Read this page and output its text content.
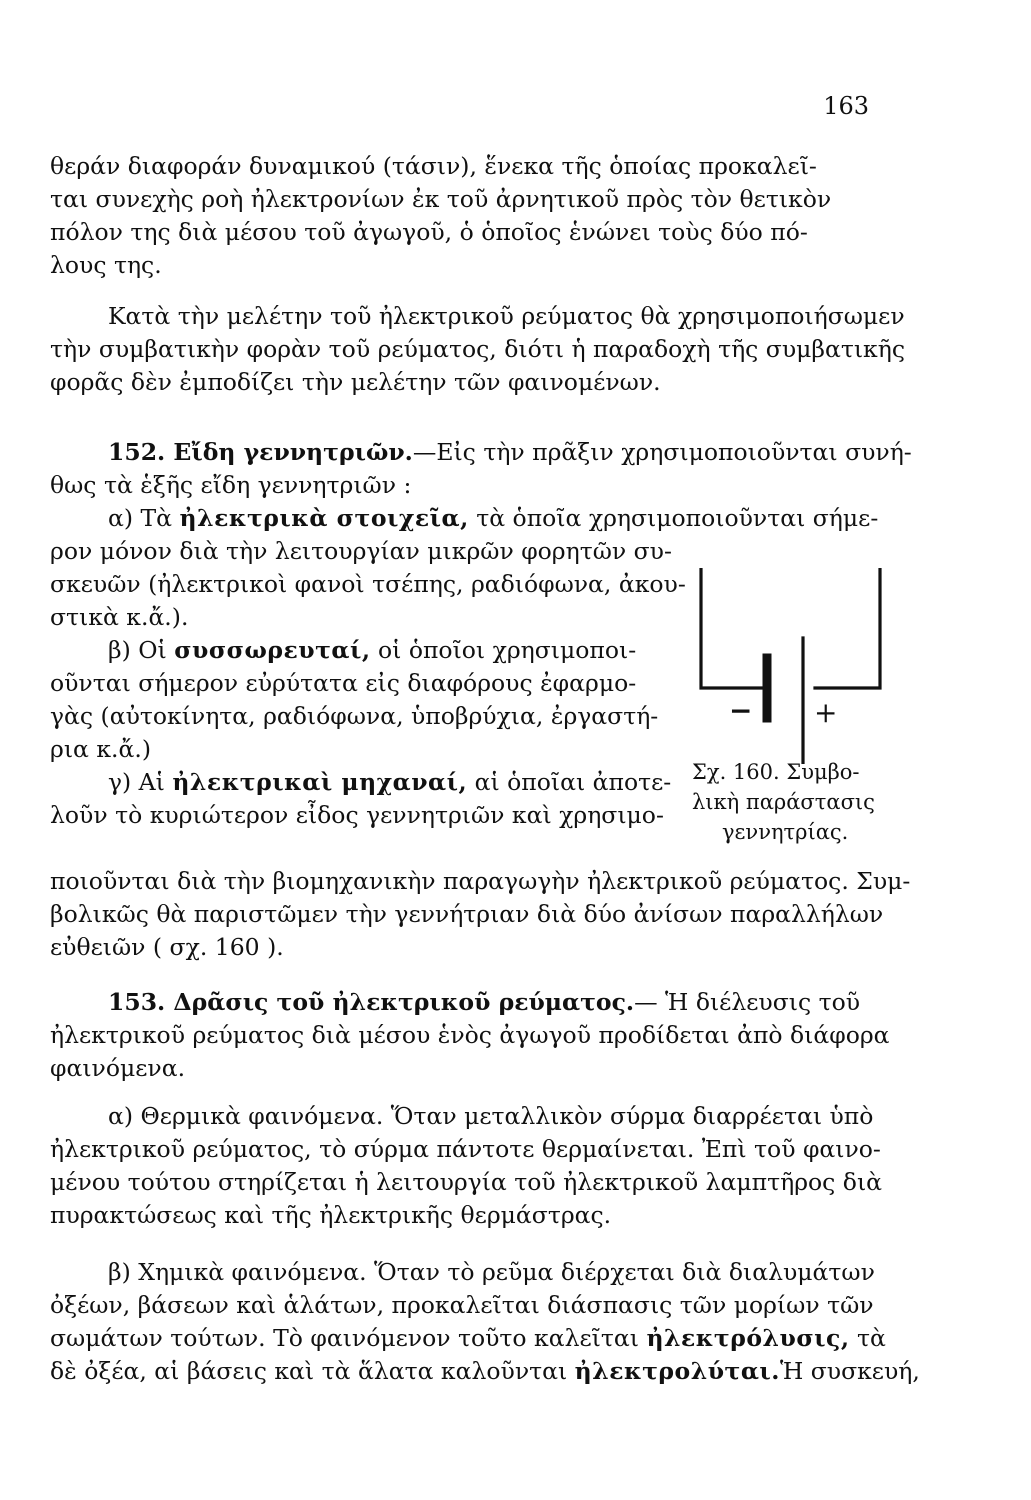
163
θεράν διαφοράν δυναμικού (τάσιν), ἕνεκα τῆς ὁποίας προκαλεῖ-
ται συνεχὴς ροὴ ἠλεκτρονίων ἐκ τοῦ ἀρνητικοῦ πρὸς τὸν θετικὸν
πόλον της διὰ μέσου τοῦ ἀγωγοῦ, ὁ ὁποῖος ἑνώνει τοὺς δύο πό-
λους της.
Κατὰ τὴν μελέτην τοῦ ἠλεκτρικοῦ ρεύματος θὰ χρησιμοποιήσωμεν
τὴν συμβατικὴν φορὰν τοῦ ρεύματος, διότι ἡ παραδοχὴ τῆς συμβατικῆς
φορᾶς δὲν ἐμποδίζει τὴν μελέτην τῶν φαινομένων.
152. Εἴδη γεννητριῶν.—Εἰς τὴν πρᾶξιν χρησιμοποιοῦνται συνή-
θως τὰ ἑξῆς εἴδη γεννητριῶν :
α) Τὰ ἠλεκτρικὰ στοιχεῖα, τὰ ὁποῖα χρησιμοποιοῦνται σήμε-
ρον μόνον διὰ τὴν λειτουργίαν μικρῶν φορητῶν συ-
σκευῶν (ἠλεκτρικοὶ φανοὶ τσέπης, ραδιόφωνα, ἀκου-
στικὰ κ.ἄ.).
β) Οἱ συσσωρευταί, οἱ ὁποῖοι χρησιμοποι-
οῦνται σήμερον εὐρύτατα εἰς διαφόρους ἐφαρμο-
γὰς (αὐτοκίνητα, ραδιόφωνα, ὑποβρύχια, ἐργαστή-
ρια κ.ἄ.)
γ) Αἱ ἠλεκτρικαὶ μηχαναί, αἱ ὁποῖαι ἀποτε-
λοῦν τὸ κυριώτερον εἶδος γεννητριῶν καὶ χρησιμο-
ποιοῦνται διὰ τὴν βιομηχανικὴν παραγωγὴν ἠλεκτρικοῦ ρεύματος. Συμ-
βολικῶς θὰ παριστῶμεν τὴν γεννήτριαν διὰ δύο ἀνίσων παραλλήλων
εὐθειῶν ( σχ. 160 ).
− +
Σχ. 160. Συμβο-
λικὴ παράστασις
γεννητρίας.
153. Δρᾶσις τοῦ ἠλεκτρικοῦ ρεύματος.— Ἡ διέλευσις τοῦ
ἠλεκτρικοῦ ρεύματος διὰ μέσου ἑνὸς ἀγωγοῦ προδίδεται ἀπὸ διάφορα
φαινόμενα.
α) Θερμικὰ φαινόμενα. Ὅταν μεταλλικὸν σύρμα διαρρέεται ὑπὸ
ἠλεκτρικοῦ ρεύματος, τὸ σύρμα πάντοτε θερμαίνεται. Ἐπὶ τοῦ φαινο-
μένου τούτου στηρίζεται ἡ λειτουργία τοῦ ἠλεκτρικοῦ λαμπτῆρος διὰ
πυρακτώσεως καὶ τῆς ἠλεκτρικῆς θερμάστρας.
β) Χημικὰ φαινόμενα. Ὅταν τὸ ρεῦμα διέρχεται διὰ διαλυμάτων
ὀξέων, βάσεων καὶ ἁλάτων, προκαλεῖται διάσπασις τῶν μορίων τῶν
σωμάτων τούτων. Τὸ φαινόμενον τοῦτο καλεῖται ἠλεκτρόλυσις, τὰ
δὲ ὀξέα, αἱ βάσεις καὶ τὰ ἅλατα καλοῦνται ἠλεκτρολύται.Ἡ συσκευή,
